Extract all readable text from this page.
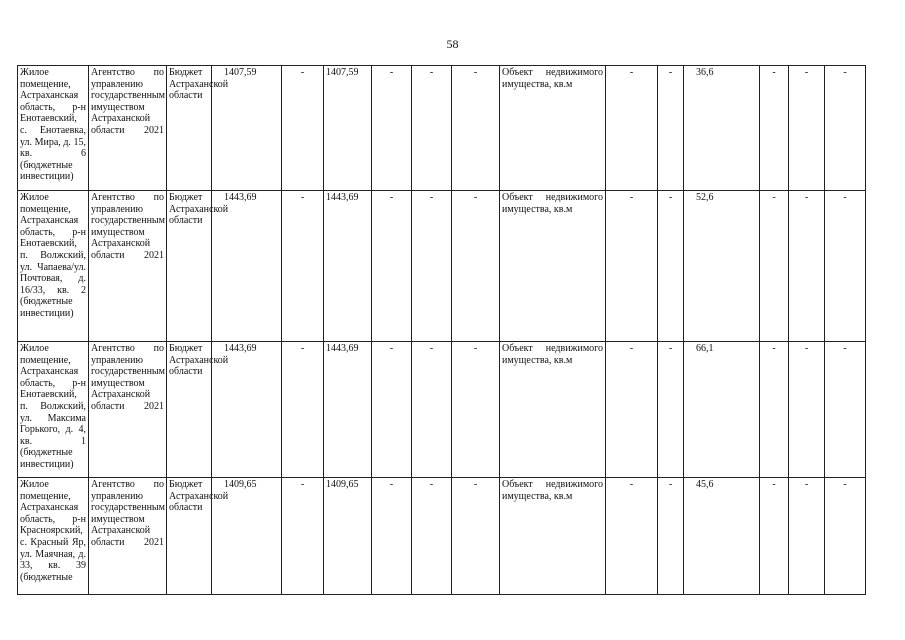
58
Жилое помещение, Астраханская область, р-н Енотаевский, с. Енотаевка, ул. Мира, д. 15, кв. 6 (бюджетные инвестиции)	Агентство по управлению государственным имуществом Астраханской области 2021	Бюджет Астраханской области	1407,59	-	1407,59	-	-	-	Объект недвижимого имущества, кв.м	-	-	36,6	-	-	-
Жилое помещение, Астраханская область, р-н Енотаевский, п. Волжский, ул. Чапаева/ул. Почтовая, д. 16/33, кв. 2 (бюджетные инвестиции)	Агентство по управлению государственным имуществом Астраханской области 2021	Бюджет Астраханской области	1443,69	-	1443,69	-	-	-	Объект недвижимого имущества, кв.м	-	-	52,6	-	-	-
Жилое помещение, Астраханская область, р-н Енотаевский, п. Волжский, ул. Максима Горького, д. 4, кв. 1 (бюджетные инвестиции)	Агентство по управлению государственным имуществом Астраханской области 2021	Бюджет Астраханской области	1443,69	-	1443,69	-	-	-	Объект недвижимого имущества, кв.м	-	-	66,1	-	-	-
Жилое помещение, Астраханская область, р-н Красноярский, с. Красный Яр, ул. Маячная, д. 33, кв. 39 (бюджетные	Агентство по управлению государственным имуществом Астраханской области 2021	Бюджет Астраханской области	1409,65	-	1409,65	-	-	-	Объект недвижимого имущества, кв.м	-	-	45,6	-	-	-
